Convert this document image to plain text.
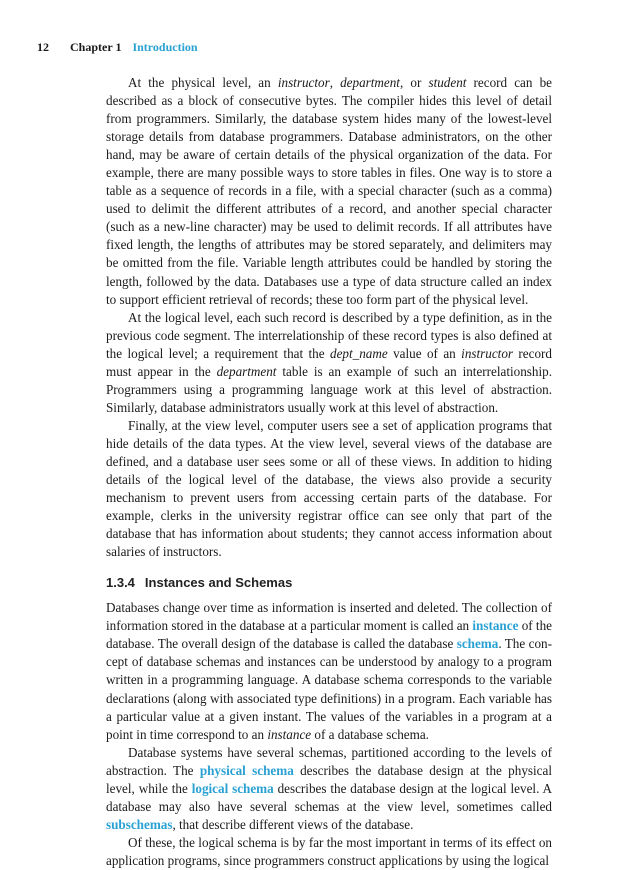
12 Chapter 1 Introduction

At the physical level, an instructor, department, or student record can be described as a block of consecutive bytes. The compiler hides this level of detail from programmers. Similarly, the database system hides many of the lowest-level storage details from database programmers. Database administrators, on the other hand, may be aware of certain details of the physical organization of the data. For example, there are many possible ways to store tables in files. One way is to store a table as a sequence of records in a file, with a special character (such as a comma) used to delimit the different attributes of a record, and another special character (such as a new-line character) may be used to delimit records. If all attributes have fixed length, the lengths of attributes may be stored separately, and delimiters may be omitted from the file. Variable length attributes could be handled by storing the length, followed by the data. Databases use a type of data structure called an index to support efficient retrieval of records; these too form part of the physical level.

At the logical level, each such record is described by a type definition, as in the previous code segment. The interrelationship of these record types is also defined at the logical level; a requirement that the dept_name value of an instructor record must appear in the department table is an example of such an interrelationship. Programmers using a programming language work at this level of abstraction. Similarly, database administrators usually work at this level of abstraction.

Finally, at the view level, computer users see a set of application programs that hide details of the data types. At the view level, several views of the database are defined, and a database user sees some or all of these views. In addition to hiding details of the logical level of the database, the views also provide a security mechanism to prevent users from accessing certain parts of the database. For example, clerks in the university registrar office can see only that part of the database that has information about students; they cannot access information about salaries of instructors.

1.3.4 Instances and Schemas

Databases change over time as information is inserted and deleted. The collection of information stored in the database at a particular moment is called an instance of the database. The overall design of the database is called the database schema. The concept of database schemas and instances can be understood by analogy to a program written in a programming language. A database schema corresponds to the variable declarations (along with associated type definitions) in a program. Each variable has a particular value at a given instant. The values of the variables in a program at a point in time correspond to an instance of a database schema.

Database systems have several schemas, partitioned according to the levels of abstraction. The physical schema describes the database design at the physical level, while the logical schema describes the database design at the logical level. A database may also have several schemas at the view level, sometimes called subschemas, that describe different views of the database.

Of these, the logical schema is by far the most important in terms of its effect on application programs, since programmers construct applications by using the logical
